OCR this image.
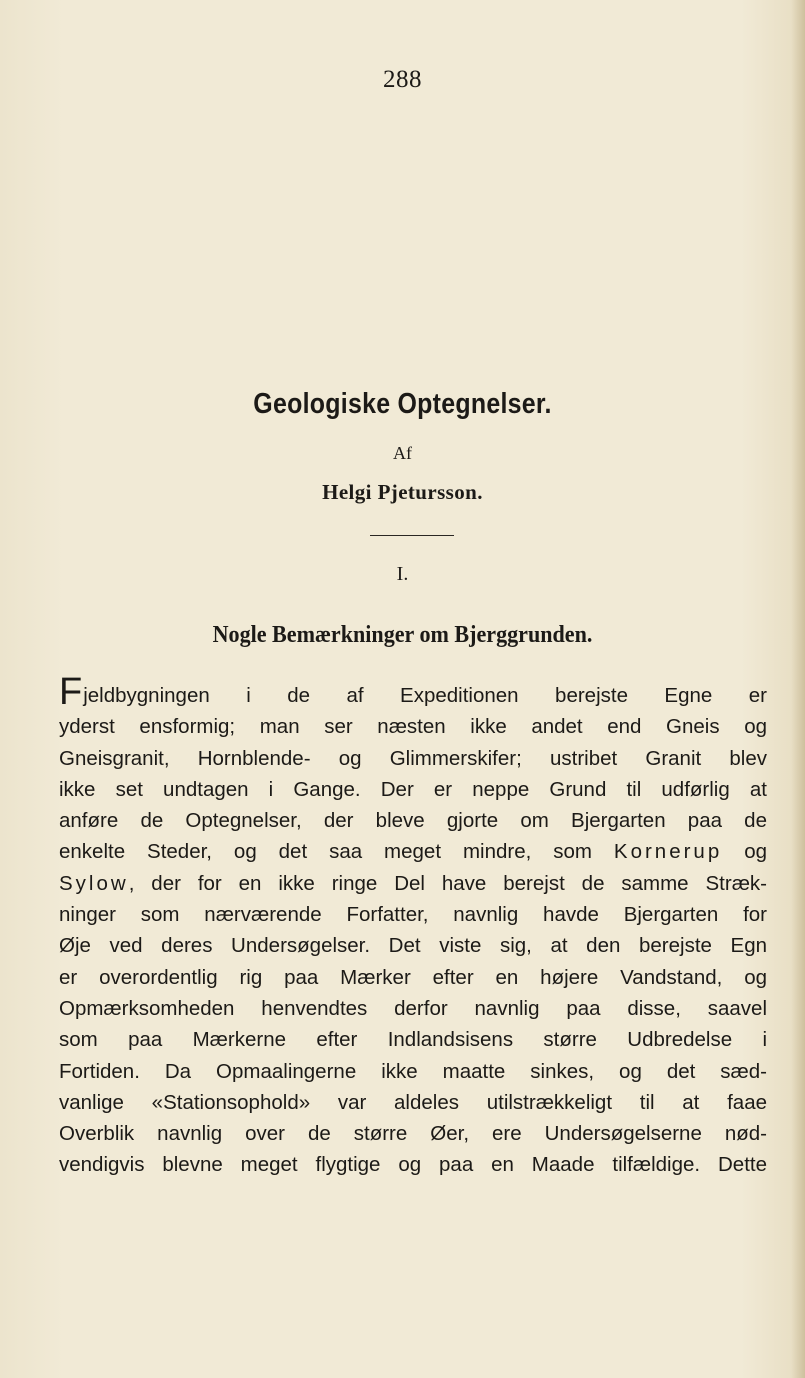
288
Geologiske Optegnelser.
Af
Helgi Pjetursson.
I.
Nogle Bemærkninger om Bjerggrunden.
Fjeldbygningen i de af Expeditionen berejste Egne er
yderst ensformig; man ser næsten ikke andet end Gneis og
Gneisgranit, Hornblende- og Glimmerskifer; ustribet Granit blev
ikke set undtagen i Gange. Der er neppe Grund til udførlig at
anføre de Optegnelser, der bleve gjorte om Bjergarten paa de
enkelte Steder, og det saa meget mindre, som Kornerup og
Sylow, der for en ikke ringe Del have berejst de samme Stræk-
ninger som nærværende Forfatter, navnlig havde Bjergarten for
Øje ved deres Undersøgelser. Det viste sig, at den berejste Egn
er overordentlig rig paa Mærker efter en højere Vandstand, og
Opmærksomheden henvendtes derfor navnlig paa disse, saavel
som paa Mærkerne efter Indlandsisens større Udbredelse i
Fortiden. Da Opmaalingerne ikke maatte sinkes, og det sæd-
vanlige «Stationsophold» var aldeles utilstrækkeligt til at faae
Overblik navnlig over de større Øer, ere Undersøgelserne nød-
vendigvis blevne meget flygtige og paa en Maade tilfældige. Dette
